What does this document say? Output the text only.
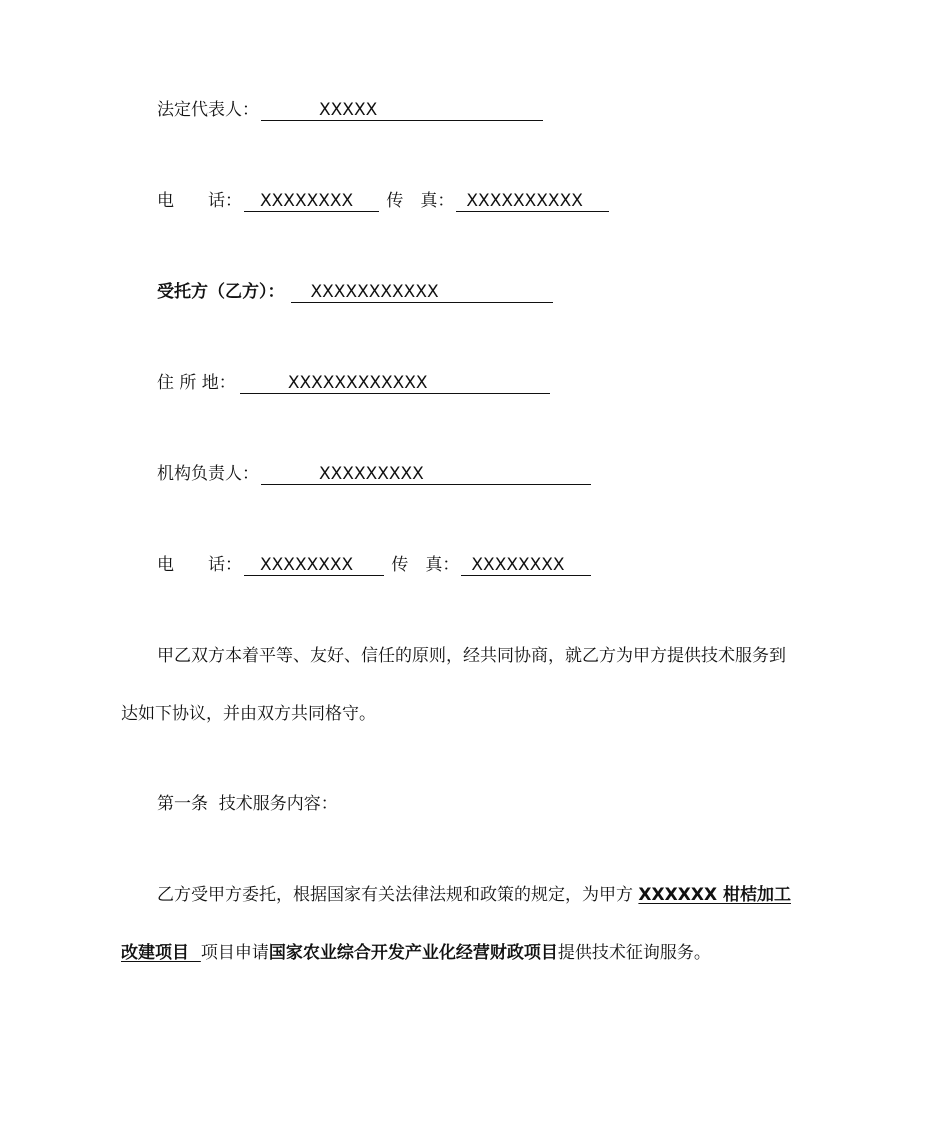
法定代表人：	XXXXX
电　　话： XXXXXXXX 传　真： XXXXXXXXXX
受托方（乙方）： XXXXXXXXXXX
住 所 地：	XXXXXXXXXXXX
机构负责人：	XXXXXXXXX
电　　话： XXXXXXXX 传　真： XXXXXXXX
甲乙双方本着平等、友好、信任的原则，经共同协商，就乙方为甲方提供技术服务到
达如下协议，并由双方共同格守。
第一条  技术服务内容：
乙方受甲方委托，根据国家有关法律法规和政策的规定，为甲方 XXXXXX 柑桔加工
改建项目 项目申请国家农业综合开发产业化经营财政项目提供技术征询服务。
